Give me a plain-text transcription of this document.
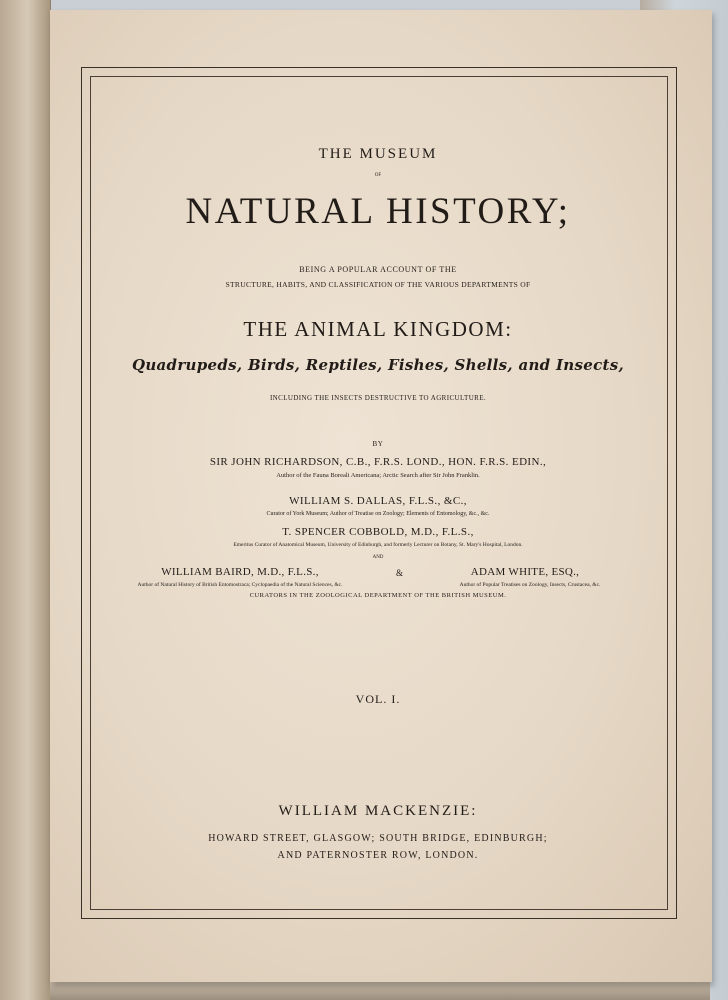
THE MUSEUM
OF
NATURAL HISTORY;
BEING A POPULAR ACCOUNT OF THE
STRUCTURE, HABITS, AND CLASSIFICATION OF THE VARIOUS DEPARTMENTS OF
THE ANIMAL KINGDOM:
Quadrupeds, Birds, Reptiles, Fishes, Shells, and Insects,
INCLUDING THE INSECTS DESTRUCTIVE TO AGRICULTURE.
BY
SIR JOHN RICHARDSON, C.B., F.R.S. LOND., HON. F.R.S. EDIN.,
Author of the Fauna Boreali Americana; Arctic Search after Sir John Franklin.
WILLIAM S. DALLAS, F.L.S., &C.,
Curator of York Museum; Author of Treatise on Zoology; Elements of Entomology, &c., &c.
T. SPENCER COBBOLD, M.D., F.L.S.,
Emeritus Curator of Anatomical Museum, University of Edinburgh, and formerly Lecturer on Botany, St. Mary's Hospital, London.
AND
WILLIAM BAIRD, M.D., F.L.S.,	&	ADAM WHITE, ESQ.,
Author of Natural History of British Entomostraca; Cyclopaedia of the Natural Sciences, &c.	Author of Popular Treatises on Zoology, Insects, Crustacea, &c.
CURATORS IN THE ZOOLOGICAL DEPARTMENT OF THE BRITISH MUSEUM.
VOL. I.
WILLIAM MACKENZIE:
HOWARD STREET, GLASGOW; SOUTH BRIDGE, EDINBURGH;
AND PATERNOSTER ROW, LONDON.
